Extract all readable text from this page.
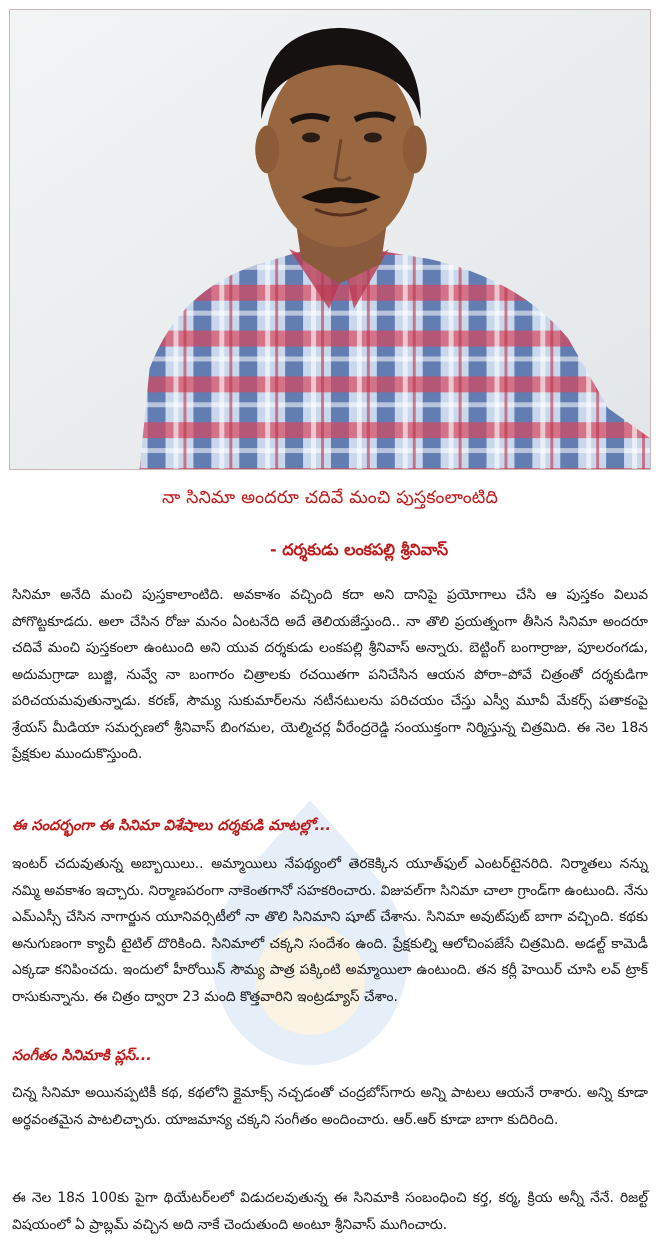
నా సినిమా అందరూ చదివే మంచి పుస్తకంలాంటిది
- దర్శకుడు లంకపల్లి శ్రీనివాస్

సినిమా అనేది మంచి పుస్తకాలాంటిది. అవకాశం వచ్చింది కదా అని దానిపై ప్రయోగాలు చేసి ఆ పుస్తకం విలువ పోగొట్టకూడదు. అలా చేసిన రోజు మనం ఏంటనేది అదే తెలియజేస్తుంది.. నా తొలి ప్రయత్నంగా తీసిన సినిమా అందరూ చదివే మంచి పుస్తకంలా ఉంటుంది అని యువ దర్శకుడు లంకపల్లి శ్రీనివాస్ అన్నారు. బెట్టింగ్ బంగార్రాజు, పూలరంగడు, అదుమగ్రాడా బుజ్జి, నువ్వే నా బంగారం చిత్రాలకు రచయితగా పనిచేసిన ఆయన పోరా–పోవే చిత్రంతో దర్శకుడిగా పరిచయమవుతున్నాడు. కరణ్, సౌమ్య సుకుమార్‌లను నటీనటులను పరిచయం చేస్తు ఎస్వీ మూవీ మేకర్స్ పతాకంపై శ్రేయస్ మీడియా సమర్పణలో శ్రీనివాస్ బింగమల, యెల్మిచర్ల వీరేంద్రరెడ్డి సంయుక్తంగా నిర్మిస్తున్న చిత్రమిది. ఈ నెల 18న ప్రేక్షకుల ముందుకొస్తుంది.

ఈ సందర్భంగా ఈ సినిమా విశేషాలు దర్శకుడి మాటల్లో...

ఇంటర్ చదువుతున్న అబ్బాయిలు.. అమ్మాయిలు నేపథ్యంలో తెరకెక్కిన యూత్‌ఫుల్ ఎంటర్‌టైనరిది. నిర్మాతలు నన్ను నమ్మి అవకాశం ఇచ్చారు. నిర్మాణపరంగా నాకెంతగానో సహకరించారు. విజువల్‌గా సినిమా చాలా గ్రాండ్‌గా ఉంటుంది. నేను ఎమ్ఎస్సీ చేసిన నాగార్జున యూనివర్సిటీలో నా తొలి సినిమాని షూట్ చేశాను. సినిమా అవుట్‌పుట్ బాగా వచ్చింది. కథకు అనుగుణంగా క్యాచీ టైటిల్ దొరికింది. సినిమాలో చక్కని సందేశం ఉంది. ప్రేక్షకుల్ని ఆలోచింపజేసే చిత్రమిది. అడల్ట్ కామెడీ ఎక్కడా కనిపించదు. ఇందులో హీరోయిన్ సౌమ్య పాత్ర పక్కింటి అమ్మాయిలా ఉంటుంది. తన కర్లీ హెయిర్ చూసి లవ్ ట్రాక్ రాసుకున్నాను. ఈ చిత్రం ద్వారా 23 మంది కొత్తవారిని ఇంట్రడ్యూస్ చేశాం.

సంగీతం సినిమాకి ప్లస్...

చిన్న సినిమా అయినప్పటికీ కథ, కథలోని క్లైమాక్స్ నచ్చడంతో చంద్రబోస్‌గారు అన్ని పాటలు ఆయనే రాశారు. అన్ని కూడా అర్థవంతమైన పాటలిచ్చారు. యాజమాన్య చక్కని సంగీతం అందించారు. ఆర్.ఆర్ కూడా బాగా కుదిరింది.

ఈ నెల 18న 100కు పైగా థియేటర్‌లలో విడుదలవుతున్న ఈ సినిమాకి సంబంధించి కర్త, కర్మ, క్రియ అన్నీ నేనే. రిజల్ట్ విషయంలో ఏ ప్రాబ్లమ్ వచ్చిన అది నాకే చెందుతుంది అంటూ శ్రీనివాస్ ముగించారు.
